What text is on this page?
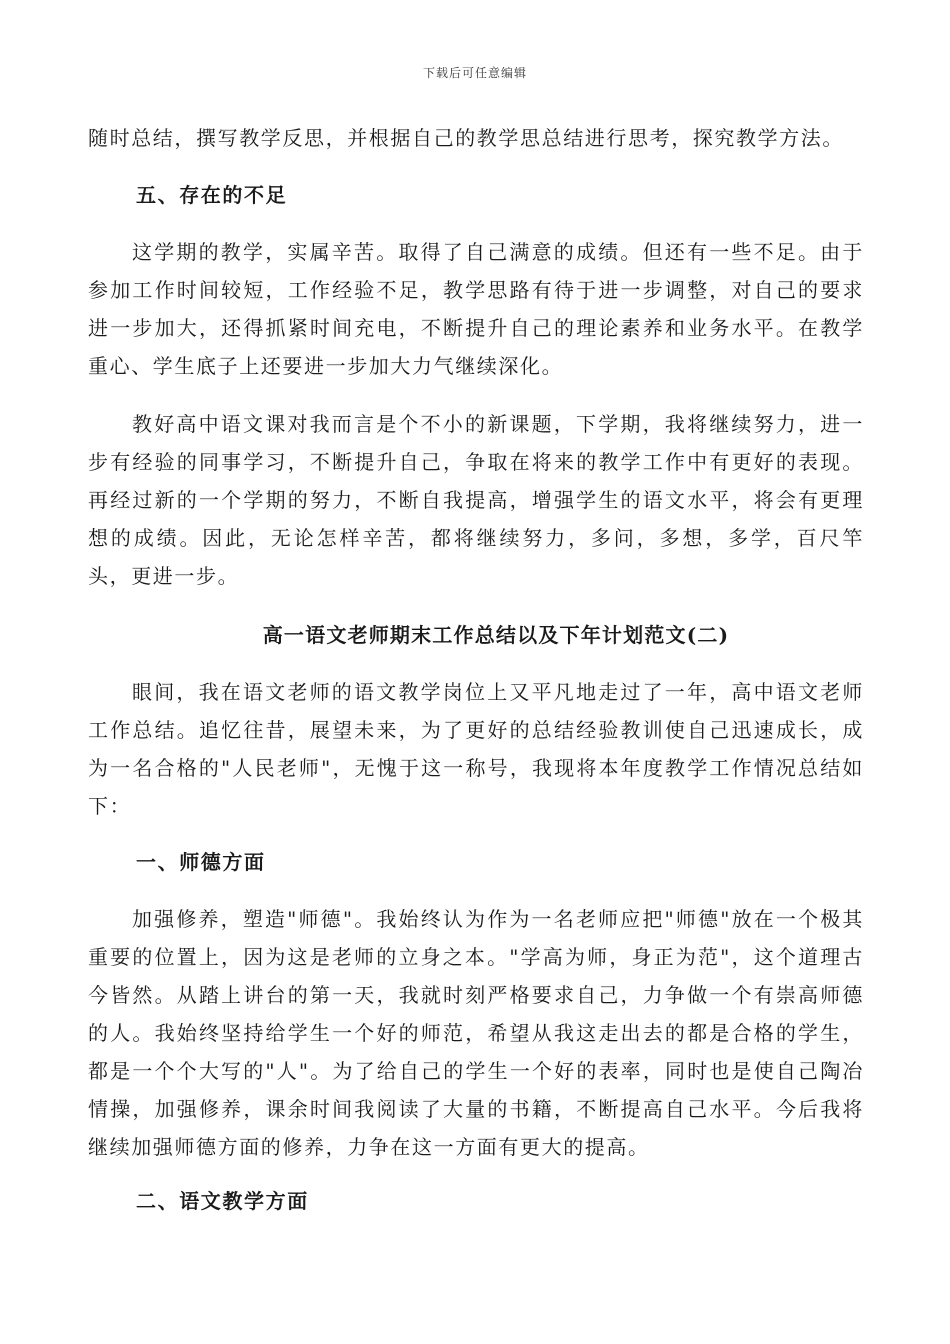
下载后可任意编辑

随时总结，撰写教学反思，并根据自己的教学思总结进行思考，探究教学方法。

五、存在的不足

这学期的教学，实属辛苦。取得了自己满意的成绩。但还有一些不足。由于参加工作时间较短，工作经验不足，教学思路有待于进一步调整，对自己的要求进一步加大，还得抓紧时间充电，不断提升自己的理论素养和业务水平。在教学重心、学生底子上还要进一步加大力气继续深化。

教好高中语文课对我而言是个不小的新课题，下学期，我将继续努力，进一步有经验的同事学习，不断提升自己，争取在将来的教学工作中有更好的表现。再经过新的一个学期的努力，不断自我提高，增强学生的语文水平，将会有更理想的成绩。因此，无论怎样辛苦，都将继续努力，多问，多想，多学，百尺竿头，更进一步。

高一语文老师期末工作总结以及下年计划范文(二)

眼间，我在语文老师的语文教学岗位上又平凡地走过了一年，高中语文老师工作总结。追忆往昔，展望未来，为了更好的总结经验教训使自己迅速成长，成为一名合格的"人民老师"，无愧于这一称号，我现将本年度教学工作情况总结如下：

一、师德方面

加强修养，塑造"师德"。我始终认为作为一名老师应把"师德"放在一个极其重要的位置上，因为这是老师的立身之本。"学高为师，身正为范"，这个道理古今皆然。从踏上讲台的第一天，我就时刻严格要求自己，力争做一个有崇高师德的人。我始终坚持给学生一个好的师范，希望从我这走出去的都是合格的学生，都是一个个大写的"人"。为了给自己的学生一个好的表率，同时也是使自己陶冶情操，加强修养，课余时间我阅读了大量的书籍，不断提高自己水平。今后我将继续加强师德方面的修养，力争在这一方面有更大的提高。

二、语文教学方面
